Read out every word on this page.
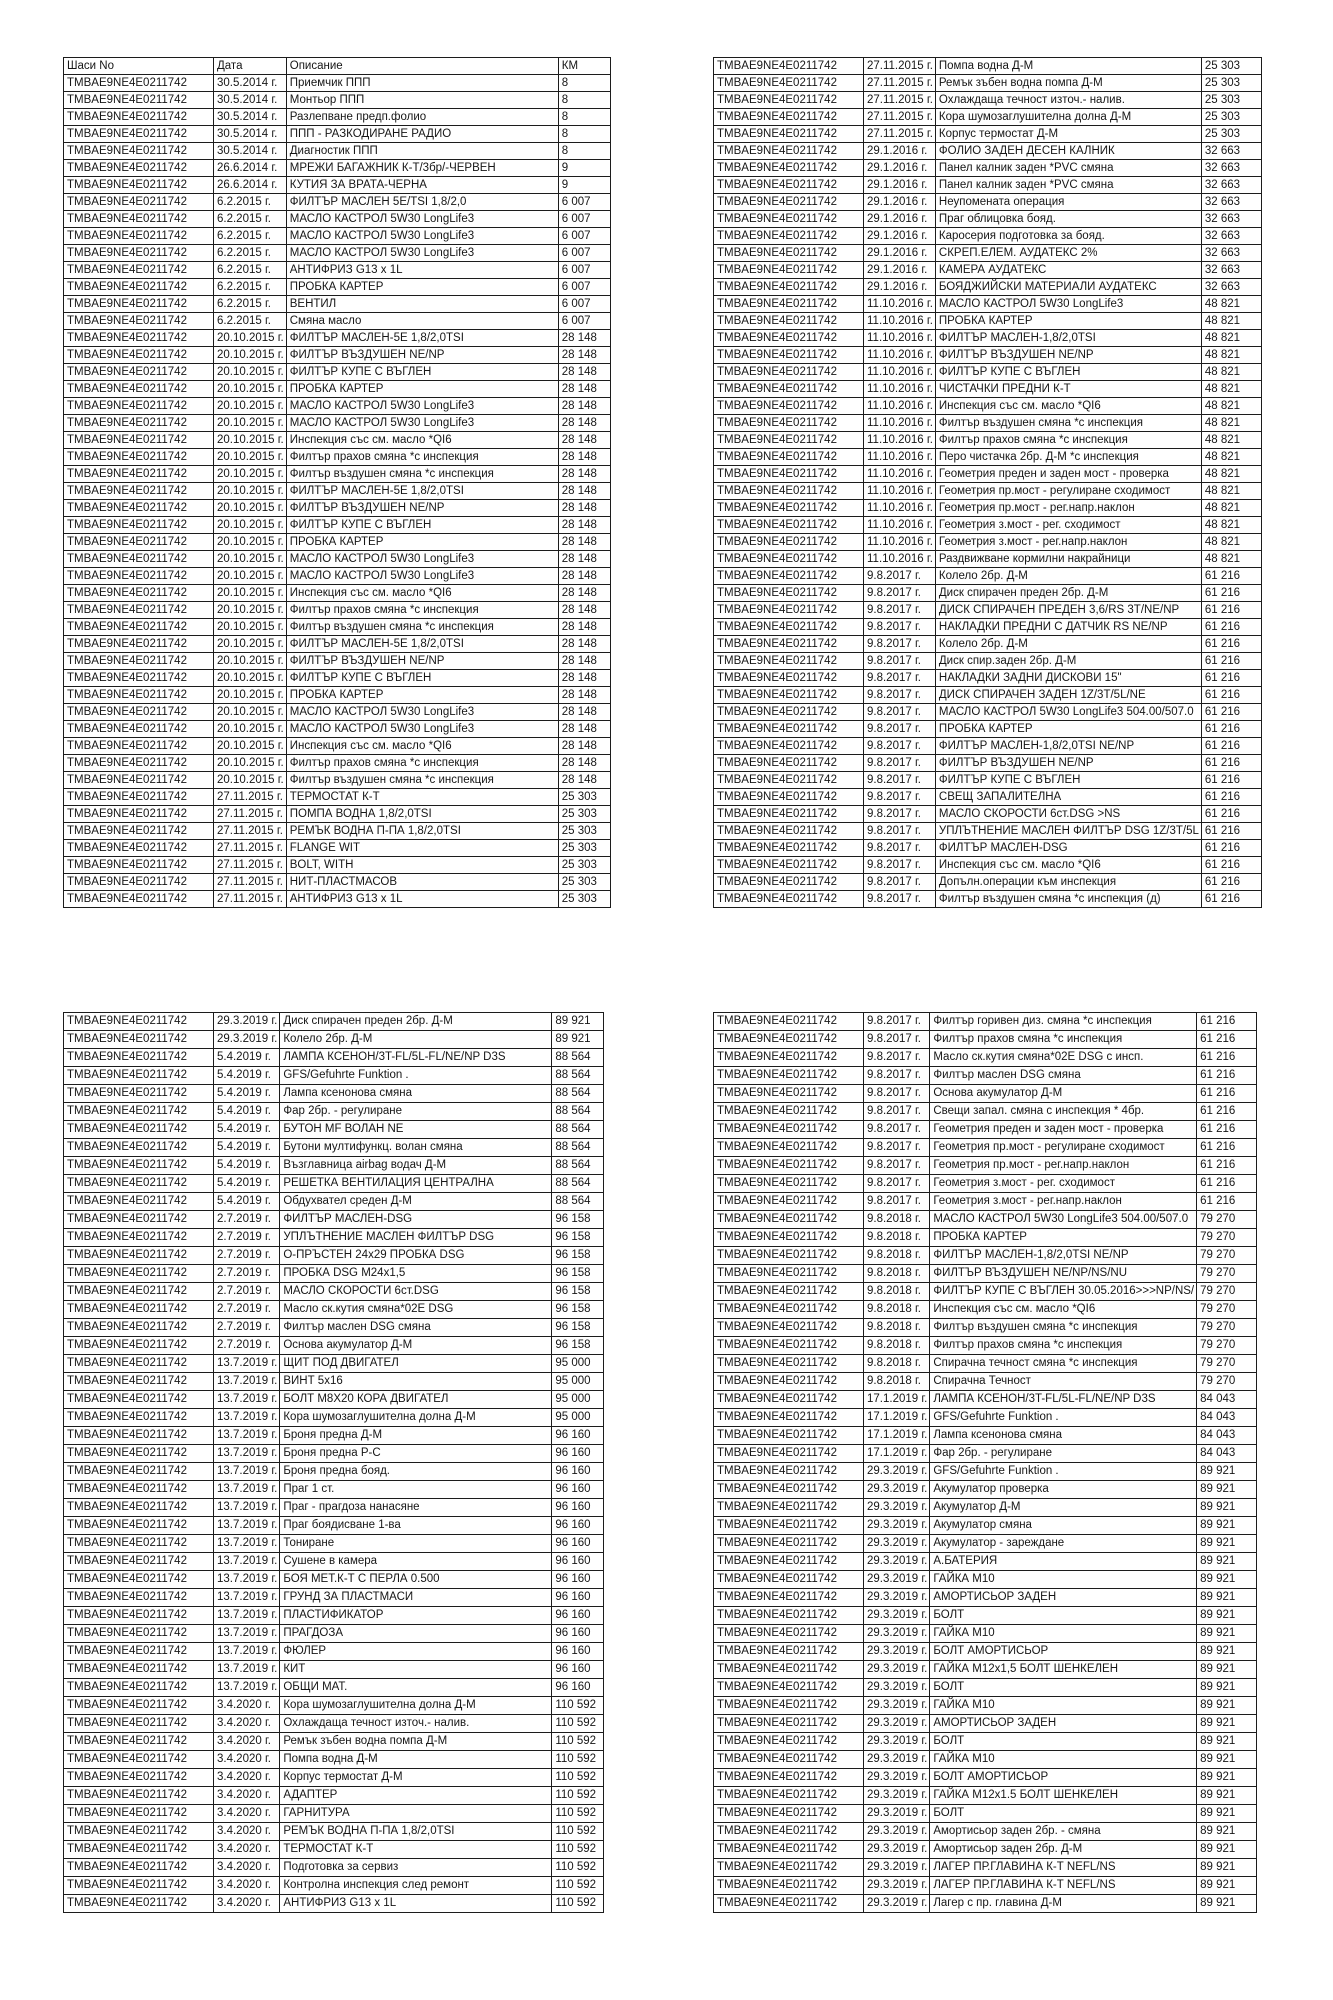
Шаси No	Дата	Описание	КМ
TMBAE9NE4E0211742	30.5.2014 г.	Приемчик ППП	8
TMBAE9NE4E0211742	30.5.2014 г.	Монтьор ППП	8
TMBAE9NE4E0211742	30.5.2014 г.	Разлепване предп.фолио	8
TMBAE9NE4E0211742	30.5.2014 г.	ППП - РАЗКОДИРАНЕ РАДИО	8
TMBAE9NE4E0211742	30.5.2014 г.	Диагностик ППП	8
TMBAE9NE4E0211742	26.6.2014 г.	МРЕЖИ БАГАЖНИК К-Т/3бр/-ЧЕРВЕН	9
TMBAE9NE4E0211742	26.6.2014 г.	КУТИЯ ЗА ВРАТА-ЧЕРНА	9
TMBAE9NE4E0211742	6.2.2015 г.	ФИЛТЪР МАСЛЕН 5Е/TSI 1,8/2,0	6 007
TMBAE9NE4E0211742	6.2.2015 г.	МАСЛО КАСТРОЛ 5W30 LongLife3	6 007
TMBAE9NE4E0211742	6.2.2015 г.	МАСЛО КАСТРОЛ 5W30 LongLife3	6 007
TMBAE9NE4E0211742	6.2.2015 г.	МАСЛО КАСТРОЛ 5W30 LongLife3	6 007
TMBAE9NE4E0211742	6.2.2015 г.	АНТИФРИЗ G13 x 1L	6 007
TMBAE9NE4E0211742	6.2.2015 г.	ПРОБКА КАРТЕР	6 007
TMBAE9NE4E0211742	6.2.2015 г.	ВЕНТИЛ	6 007
TMBAE9NE4E0211742	6.2.2015 г.	Смяна масло	6 007
TMBAE9NE4E0211742	20.10.2015 г.	ФИЛТЪР МАСЛЕН-5Е 1,8/2,0TSI	28 148
TMBAE9NE4E0211742	20.10.2015 г.	ФИЛТЪР ВЪЗДУШЕН NE/NP	28 148
TMBAE9NE4E0211742	20.10.2015 г.	ФИЛТЪР КУПЕ С ВЪГЛЕН	28 148
TMBAE9NE4E0211742	20.10.2015 г.	ПРОБКА КАРТЕР	28 148
TMBAE9NE4E0211742	20.10.2015 г.	МАСЛО КАСТРОЛ 5W30 LongLife3	28 148
TMBAE9NE4E0211742	20.10.2015 г.	МАСЛО КАСТРОЛ 5W30 LongLife3	28 148
TMBAE9NE4E0211742	20.10.2015 г.	Инспекция със см. масло *QI6	28 148
TMBAE9NE4E0211742	20.10.2015 г.	Филтър прахов смяна *с инспекция	28 148
TMBAE9NE4E0211742	20.10.2015 г.	Филтър въздушен смяна *с инспекция	28 148
TMBAE9NE4E0211742	20.10.2015 г.	ФИЛТЪР МАСЛЕН-5Е 1,8/2,0TSI	28 148
TMBAE9NE4E0211742	20.10.2015 г.	ФИЛТЪР ВЪЗДУШЕН NE/NP	28 148
TMBAE9NE4E0211742	20.10.2015 г.	ФИЛТЪР КУПЕ С ВЪГЛЕН	28 148
TMBAE9NE4E0211742	20.10.2015 г.	ПРОБКА КАРТЕР	28 148
TMBAE9NE4E0211742	20.10.2015 г.	МАСЛО КАСТРОЛ 5W30 LongLife3	28 148
TMBAE9NE4E0211742	20.10.2015 г.	МАСЛО КАСТРОЛ 5W30 LongLife3	28 148
TMBAE9NE4E0211742	20.10.2015 г.	Инспекция със см. масло *QI6	28 148
TMBAE9NE4E0211742	20.10.2015 г.	Филтър прахов смяна *с инспекция	28 148
TMBAE9NE4E0211742	20.10.2015 г.	Филтър въздушен смяна *с инспекция	28 148
TMBAE9NE4E0211742	20.10.2015 г.	ФИЛТЪР МАСЛЕН-5Е 1,8/2,0TSI	28 148
TMBAE9NE4E0211742	20.10.2015 г.	ФИЛТЪР ВЪЗДУШЕН NE/NP	28 148
TMBAE9NE4E0211742	20.10.2015 г.	ФИЛТЪР КУПЕ С ВЪГЛЕН	28 148
TMBAE9NE4E0211742	20.10.2015 г.	ПРОБКА КАРТЕР	28 148
TMBAE9NE4E0211742	20.10.2015 г.	МАСЛО КАСТРОЛ 5W30 LongLife3	28 148
TMBAE9NE4E0211742	20.10.2015 г.	МАСЛО КАСТРОЛ 5W30 LongLife3	28 148
TMBAE9NE4E0211742	20.10.2015 г.	Инспекция със см. масло *QI6	28 148
TMBAE9NE4E0211742	20.10.2015 г.	Филтър прахов смяна *с инспекция	28 148
TMBAE9NE4E0211742	20.10.2015 г.	Филтър въздушен смяна *с инспекция	28 148
TMBAE9NE4E0211742	27.11.2015 г.	ТЕРМОСТАТ К-Т	25 303
TMBAE9NE4E0211742	27.11.2015 г.	ПОМПА ВОДНА 1,8/2,0TSI	25 303
TMBAE9NE4E0211742	27.11.2015 г.	РЕМЪК ВОДНА П-ПА 1,8/2,0TSI	25 303
TMBAE9NE4E0211742	27.11.2015 г.	FLANGE WIT	25 303
TMBAE9NE4E0211742	27.11.2015 г.	BOLT, WITH	25 303
TMBAE9NE4E0211742	27.11.2015 г.	НИТ-ПЛАСТМАСОВ	25 303
TMBAE9NE4E0211742	27.11.2015 г.	АНТИФРИЗ G13 x 1L	25 303
TMBAE9NE4E0211742	27.11.2015 г.	Помпа водна Д-М	25 303
TMBAE9NE4E0211742	27.11.2015 г.	Ремък зъбен водна помпа Д-М	25 303
TMBAE9NE4E0211742	27.11.2015 г.	Охлаждаща течност източ.- налив.	25 303
TMBAE9NE4E0211742	27.11.2015 г.	Кора шумозаглушителна долна Д-М	25 303
TMBAE9NE4E0211742	27.11.2015 г.	Корпус термостат Д-М	25 303
TMBAE9NE4E0211742	29.1.2016 г.	ФОЛИО ЗАДЕН ДЕСЕН КАЛНИК	32 663
TMBAE9NE4E0211742	29.1.2016 г.	Панел калник заден *PVC смяна	32 663
TMBAE9NE4E0211742	29.1.2016 г.	Панел калник заден *PVC смяна	32 663
TMBAE9NE4E0211742	29.1.2016 г.	Неупомената операция	32 663
TMBAE9NE4E0211742	29.1.2016 г.	Праг облицовка бояд.	32 663
TMBAE9NE4E0211742	29.1.2016 г.	Каросерия подготовка за бояд.	32 663
TMBAE9NE4E0211742	29.1.2016 г.	СКРЕП.ЕЛЕМ. АУДАТЕКС 2%	32 663
TMBAE9NE4E0211742	29.1.2016 г.	КАМЕРА АУДАТЕКС	32 663
TMBAE9NE4E0211742	29.1.2016 г.	БОЯДЖИЙСКИ МАТЕРИАЛИ АУДАТЕКС	32 663
TMBAE9NE4E0211742	11.10.2016 г.	МАСЛО КАСТРОЛ 5W30 LongLife3	48 821
TMBAE9NE4E0211742	11.10.2016 г.	ПРОБКА КАРТЕР	48 821
TMBAE9NE4E0211742	11.10.2016 г.	ФИЛТЪР МАСЛЕН-1,8/2,0TSI	48 821
TMBAE9NE4E0211742	11.10.2016 г.	ФИЛТЪР ВЪЗДУШЕН NE/NP	48 821
TMBAE9NE4E0211742	11.10.2016 г.	ФИЛТЪР КУПЕ С ВЪГЛЕН	48 821
TMBAE9NE4E0211742	11.10.2016 г.	ЧИСТАЧКИ ПРЕДНИ К-Т	48 821
TMBAE9NE4E0211742	11.10.2016 г.	Инспекция със см. масло *QI6	48 821
TMBAE9NE4E0211742	11.10.2016 г.	Филтър въздушен смяна *с инспекция	48 821
TMBAE9NE4E0211742	11.10.2016 г.	Филтър прахов смяна *с инспекция	48 821
TMBAE9NE4E0211742	11.10.2016 г.	Перо чистачка 2бр. Д-М *с инспекция	48 821
TMBAE9NE4E0211742	11.10.2016 г.	Геометрия преден и заден мост - проверка	48 821
TMBAE9NE4E0211742	11.10.2016 г.	Геометрия пр.мост - регулиране сходимост	48 821
TMBAE9NE4E0211742	11.10.2016 г.	Геометрия пр.мост - рег.напр.наклон	48 821
TMBAE9NE4E0211742	11.10.2016 г.	Геометрия з.мост - рег. сходимост	48 821
TMBAE9NE4E0211742	11.10.2016 г.	Геометрия з.мост - рег.напр.наклон	48 821
TMBAE9NE4E0211742	11.10.2016 г.	Раздвижване кормилни накрайници	48 821
TMBAE9NE4E0211742	9.8.2017 г.	Колело 2бр. Д-М	61 216
TMBAE9NE4E0211742	9.8.2017 г.	Диск спирачен преден 2бр. Д-М	61 216
TMBAE9NE4E0211742	9.8.2017 г.	ДИСК СПИРАЧЕН ПРЕДЕН 3,6/RS 3T/NE/NP	61 216
TMBAE9NE4E0211742	9.8.2017 г.	НАКЛАДКИ ПРЕДНИ С ДАТЧИК RS NE/NP	61 216
TMBAE9NE4E0211742	9.8.2017 г.	Колело 2бр. Д-М	61 216
TMBAE9NE4E0211742	9.8.2017 г.	Диск спир.заден 2бр. Д-М	61 216
TMBAE9NE4E0211742	9.8.2017 г.	НАКЛАДКИ ЗАДНИ ДИСКОВИ 15"	61 216
TMBAE9NE4E0211742	9.8.2017 г.	ДИСК СПИРАЧЕН ЗАДЕН 1Z/3T/5L/NE	61 216
TMBAE9NE4E0211742	9.8.2017 г.	МАСЛО КАСТРОЛ 5W30 LongLife3 504.00/507.0	61 216
TMBAE9NE4E0211742	9.8.2017 г.	ПРОБКА КАРТЕР	61 216
TMBAE9NE4E0211742	9.8.2017 г.	ФИЛТЪР МАСЛЕН-1,8/2,0TSI NE/NP	61 216
TMBAE9NE4E0211742	9.8.2017 г.	ФИЛТЪР ВЪЗДУШЕН NE/NP	61 216
TMBAE9NE4E0211742	9.8.2017 г.	ФИЛТЪР КУПЕ С ВЪГЛЕН	61 216
TMBAE9NE4E0211742	9.8.2017 г.	СВЕЩ ЗАПАЛИТЕЛНА	61 216
TMBAE9NE4E0211742	9.8.2017 г.	МАСЛО СКОРОСТИ 6ст.DSG >NS	61 216
TMBAE9NE4E0211742	9.8.2017 г.	УПЛЪТНЕНИЕ МАСЛЕН ФИЛТЪР DSG 1Z/3T/5L	61 216
TMBAE9NE4E0211742	9.8.2017 г.	ФИЛТЪР МАСЛЕН-DSG	61 216
TMBAE9NE4E0211742	9.8.2017 г.	Инспекция със см. масло *QI6	61 216
TMBAE9NE4E0211742	9.8.2017 г.	Допълн.операции към инспекция	61 216
TMBAE9NE4E0211742	9.8.2017 г.	Филтър въздушен смяна *с инспекция (д)	61 216
TMBAE9NE4E0211742	29.3.2019 г.	Диск спирачен преден 2бр. Д-М	89 921
TMBAE9NE4E0211742	29.3.2019 г.	Колело 2бр. Д-М	89 921
TMBAE9NE4E0211742	5.4.2019 г.	ЛАМПА КСЕНОН/3T-FL/5L-FL/NE/NP D3S	88 564
TMBAE9NE4E0211742	5.4.2019 г.	GFS/Gefuhrte Funktion .	88 564
TMBAE9NE4E0211742	5.4.2019 г.	Лампа ксенонова смяна	88 564
TMBAE9NE4E0211742	5.4.2019 г.	Фар 2бр. - регулиране	88 564
TMBAE9NE4E0211742	5.4.2019 г.	БУТОН MF ВОЛАН NE	88 564
TMBAE9NE4E0211742	5.4.2019 г.	Бутони мултифункц. волан смяна	88 564
TMBAE9NE4E0211742	5.4.2019 г.	Възглавница airbag водач Д-М	88 564
TMBAE9NE4E0211742	5.4.2019 г.	РЕШЕТКА ВЕНТИЛАЦИЯ ЦЕНТРАЛНА	88 564
TMBAE9NE4E0211742	5.4.2019 г.	Обдухвател среден Д-М	88 564
TMBAE9NE4E0211742	2.7.2019 г.	ФИЛТЪР МАСЛЕН-DSG	96 158
TMBAE9NE4E0211742	2.7.2019 г.	УПЛЪТНЕНИЕ МАСЛЕН ФИЛТЪР DSG	96 158
TMBAE9NE4E0211742	2.7.2019 г.	О-ПРЪСТЕН 24x29 ПРОБКА DSG	96 158
TMBAE9NE4E0211742	2.7.2019 г.	ПРОБКА DSG M24x1,5	96 158
TMBAE9NE4E0211742	2.7.2019 г.	МАСЛО СКОРОСТИ 6ст.DSG	96 158
TMBAE9NE4E0211742	2.7.2019 г.	Масло ск.кутия смяна*02E DSG	96 158
TMBAE9NE4E0211742	2.7.2019 г.	Филтър маслен DSG смяна	96 158
TMBAE9NE4E0211742	2.7.2019 г.	Основа акумулатор Д-М	96 158
TMBAE9NE4E0211742	13.7.2019 г.	ЩИТ ПОД ДВИГАТЕЛ	95 000
TMBAE9NE4E0211742	13.7.2019 г.	ВИНТ 5x16	95 000
TMBAE9NE4E0211742	13.7.2019 г.	БОЛТ M8X20 КОРА ДВИГАТЕЛ	95 000
TMBAE9NE4E0211742	13.7.2019 г.	Кора шумозаглушителна долна Д-М	95 000
TMBAE9NE4E0211742	13.7.2019 г.	Броня предна Д-М	96 160
TMBAE9NE4E0211742	13.7.2019 г.	Броня предна Р-С	96 160
TMBAE9NE4E0211742	13.7.2019 г.	Броня предна бояд.	96 160
TMBAE9NE4E0211742	13.7.2019 г.	Праг 1 ст.	96 160
TMBAE9NE4E0211742	13.7.2019 г.	Праг - прагдоза нанасяне	96 160
TMBAE9NE4E0211742	13.7.2019 г.	Праг боядисване 1-ва	96 160
TMBAE9NE4E0211742	13.7.2019 г.	Тониране	96 160
TMBAE9NE4E0211742	13.7.2019 г.	Сушене в камера	96 160
TMBAE9NE4E0211742	13.7.2019 г.	БОЯ МЕТ.К-Т С ПЕРЛА 0.500	96 160
TMBAE9NE4E0211742	13.7.2019 г.	ГРУНД ЗА ПЛАСТМАСИ	96 160
TMBAE9NE4E0211742	13.7.2019 г.	ПЛАСТИФИКАТОР	96 160
TMBAE9NE4E0211742	13.7.2019 г.	ПРАГДОЗА	96 160
TMBAE9NE4E0211742	13.7.2019 г.	ФЮЛЕР	96 160
TMBAE9NE4E0211742	13.7.2019 г.	КИТ	96 160
TMBAE9NE4E0211742	13.7.2019 г.	ОБЩИ МАТ.	96 160
TMBAE9NE4E0211742	3.4.2020 г.	Кора шумозаглушителна долна Д-М	110 592
TMBAE9NE4E0211742	3.4.2020 г.	Охлаждаща течност източ.- налив.	110 592
TMBAE9NE4E0211742	3.4.2020 г.	Ремък зъбен водна помпа Д-М	110 592
TMBAE9NE4E0211742	3.4.2020 г.	Помпа водна Д-М	110 592
TMBAE9NE4E0211742	3.4.2020 г.	Корпус термостат Д-М	110 592
TMBAE9NE4E0211742	3.4.2020 г.	АДАПТЕР	110 592
TMBAE9NE4E0211742	3.4.2020 г.	ГАРНИТУРА	110 592
TMBAE9NE4E0211742	3.4.2020 г.	РЕМЪК ВОДНА П-ПА 1,8/2,0TSI	110 592
TMBAE9NE4E0211742	3.4.2020 г.	ТЕРМОСТАТ К-Т	110 592
TMBAE9NE4E0211742	3.4.2020 г.	Подготовка за сервиз	110 592
TMBAE9NE4E0211742	3.4.2020 г.	Контролна инспекция след ремонт	110 592
TMBAE9NE4E0211742	3.4.2020 г.	АНТИФРИЗ G13 x 1L	110 592
TMBAE9NE4E0211742	9.8.2017 г.	Филтър горивен диз. смяна *с инспекция	61 216
TMBAE9NE4E0211742	9.8.2017 г.	Филтър прахов смяна *с инспекция	61 216
TMBAE9NE4E0211742	9.8.2017 г.	Масло ск.кутия смяна*02E DSG с инсп.	61 216
TMBAE9NE4E0211742	9.8.2017 г.	Филтър маслен DSG смяна	61 216
TMBAE9NE4E0211742	9.8.2017 г.	Основа акумулатор Д-М	61 216
TMBAE9NE4E0211742	9.8.2017 г.	Свещи запал. смяна с инспекция * 4бр.	61 216
TMBAE9NE4E0211742	9.8.2017 г.	Геометрия преден и заден мост - проверка	61 216
TMBAE9NE4E0211742	9.8.2017 г.	Геометрия пр.мост - регулиране сходимост	61 216
TMBAE9NE4E0211742	9.8.2017 г.	Геометрия пр.мост - рег.напр.наклон	61 216
TMBAE9NE4E0211742	9.8.2017 г.	Геометрия з.мост - рег. сходимост	61 216
TMBAE9NE4E0211742	9.8.2017 г.	Геометрия з.мост - рег.напр.наклон	61 216
TMBAE9NE4E0211742	9.8.2018 г.	МАСЛО КАСТРОЛ 5W30 LongLife3 504.00/507.0	79 270
TMBAE9NE4E0211742	9.8.2018 г.	ПРОБКА КАРТЕР	79 270
TMBAE9NE4E0211742	9.8.2018 г.	ФИЛТЪР МАСЛЕН-1,8/2,0TSI NE/NP	79 270
TMBAE9NE4E0211742	9.8.2018 г.	ФИЛТЪР ВЪЗДУШЕН NE/NP/NS/NU	79 270
TMBAE9NE4E0211742	9.8.2018 г.	ФИЛТЪР КУПЕ С ВЪГЛЕН 30.05.2016>>>NP/NS/	79 270
TMBAE9NE4E0211742	9.8.2018 г.	Инспекция със см. масло *QI6	79 270
TMBAE9NE4E0211742	9.8.2018 г.	Филтър въздушен смяна *с инспекция	79 270
TMBAE9NE4E0211742	9.8.2018 г.	Филтър прахов смяна *с инспекция	79 270
TMBAE9NE4E0211742	9.8.2018 г.	Спирачна течност смяна *с инспекция	79 270
TMBAE9NE4E0211742	9.8.2018 г.	Спирачна Течност	79 270
TMBAE9NE4E0211742	17.1.2019 г.	ЛАМПА КСЕНОН/3T-FL/5L-FL/NE/NP D3S	84 043
TMBAE9NE4E0211742	17.1.2019 г.	GFS/Gefuhrte Funktion .	84 043
TMBAE9NE4E0211742	17.1.2019 г.	Лампа ксенонова смяна	84 043
TMBAE9NE4E0211742	17.1.2019 г.	Фар 2бр. - регулиране	84 043
TMBAE9NE4E0211742	29.3.2019 г.	GFS/Gefuhrte Funktion .	89 921
TMBAE9NE4E0211742	29.3.2019 г.	Акумулатор проверка	89 921
TMBAE9NE4E0211742	29.3.2019 г.	Акумулатор Д-М	89 921
TMBAE9NE4E0211742	29.3.2019 г.	Акумулатор смяна	89 921
TMBAE9NE4E0211742	29.3.2019 г.	Акумулатор - зареждане	89 921
TMBAE9NE4E0211742	29.3.2019 г.	А.БАТЕРИЯ	89 921
TMBAE9NE4E0211742	29.3.2019 г.	ГАЙКА M10	89 921
TMBAE9NE4E0211742	29.3.2019 г.	АМОРТИСЬОР ЗАДЕН	89 921
TMBAE9NE4E0211742	29.3.2019 г.	БОЛТ	89 921
TMBAE9NE4E0211742	29.3.2019 г.	ГАЙКА M10	89 921
TMBAE9NE4E0211742	29.3.2019 г.	БОЛТ АМОРТИСЬОР	89 921
TMBAE9NE4E0211742	29.3.2019 г.	ГАЙКА M12x1,5 БОЛТ ШЕНКЕЛЕН	89 921
TMBAE9NE4E0211742	29.3.2019 г.	БОЛТ	89 921
TMBAE9NE4E0211742	29.3.2019 г.	ГАЙКА M10	89 921
TMBAE9NE4E0211742	29.3.2019 г.	АМОРТИСЬОР ЗАДЕН	89 921
TMBAE9NE4E0211742	29.3.2019 г.	БОЛТ	89 921
TMBAE9NE4E0211742	29.3.2019 г.	ГАЙКА M10	89 921
TMBAE9NE4E0211742	29.3.2019 г.	БОЛТ АМОРТИСЬОР	89 921
TMBAE9NE4E0211742	29.3.2019 г.	ГАЙКА M12x1.5 БОЛТ ШЕНКЕЛЕН	89 921
TMBAE9NE4E0211742	29.3.2019 г.	БОЛТ	89 921
TMBAE9NE4E0211742	29.3.2019 г.	Амортисьор заден 2бр. - смяна	89 921
TMBAE9NE4E0211742	29.3.2019 г.	Амортисьор заден 2бр. Д-М	89 921
TMBAE9NE4E0211742	29.3.2019 г.	ЛАГЕР ПР.ГЛАВИНА К-Т NEFL/NS	89 921
TMBAE9NE4E0211742	29.3.2019 г.	ЛАГЕР ПР.ГЛАВИНА К-Т NEFL/NS	89 921
TMBAE9NE4E0211742	29.3.2019 г.	Лагер с пр. главина Д-М	89 921
